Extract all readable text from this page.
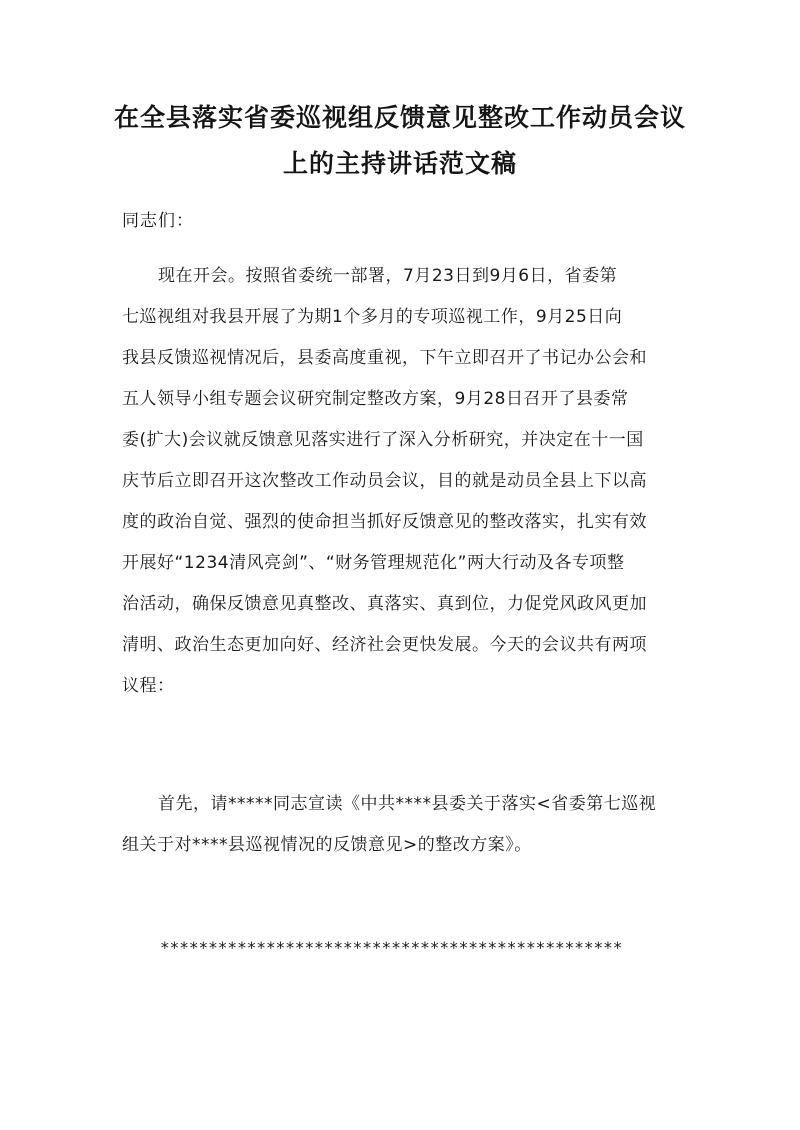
在全县落实省委巡视组反馈意见整改工作动员会议
上的主持讲话范文稿
同志们：
现在开会。按照省委统一部署，7月23日到9月6日，省委第
七巡视组对我县开展了为期1个多月的专项巡视工作，9月25日向
我县反馈巡视情况后，县委高度重视，下午立即召开了书记办公会和
五人领导小组专题会议研究制定整改方案，9月28日召开了县委常
委(扩大)会议就反馈意见落实进行了深入分析研究，并决定在十一国
庆节后立即召开这次整改工作动员会议，目的就是动员全县上下以高
度的政治自觉、强烈的使命担当抓好反馈意见的整改落实，扎实有效
开展好“1234清风亮剑”、“财务管理规范化”两大行动及各专项整
治活动，确保反馈意见真整改、真落实、真到位，力促党风政风更加
清明、政治生态更加向好、经济社会更快发展。今天的会议共有两项
议程：
首先，请*****同志宣读《中共****县委关于落实<省委第七巡视
组关于对****县巡视情况的反馈意见>的整改方案》。
************************************************
